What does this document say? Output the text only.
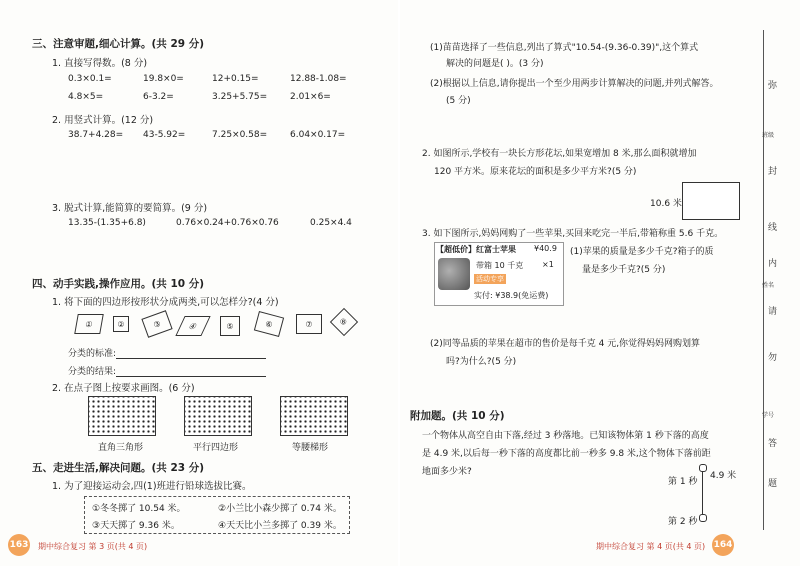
三、注意审题,细心计算。(共 29 分)
1. 直接写得数。(8 分)
0.3×0.1=	19.8×0=	12+0.15=	12.88-1.08=
4.8×5=	6-3.2=	3.25+5.75=	2.01×6=
2. 用竖式计算。(12 分)
38.7+4.28= 43-5.92=	7.25×0.58=	6.04×0.17=
3. 脱式计算,能简算的要简算。(9 分)
13.35-(1.35+6.8)	0.76×0.24+0.76×0.76	0.25×4.4
四、动手实践,操作应用。(共 10 分)
1. 将下面的四边形按形状分成两类,可以怎样分?(4 分)
①	②	③	④	⑤	⑥	⑦	⑧
分类的标准:
分类的结果:
2. 在点子图上按要求画图。(6 分)
直角三角形	平行四边形	等腰梯形
五、走进生活,解决问题。(共 23 分)
1. 为了迎接运动会,四(1)班进行铅球选拔比赛。
①冬冬掷了 10.54 米。	②小兰比小森少掷了 0.74 米。
③天天掷了 9.36 米。	④天天比小兰多掷了 0.39 米。
163 期中综合复习 第 3 页(共 4 页)
(1)苗苗选择了一些信息,列出了算式"10.54-(9.36-0.39)",这个算式
解决的问题是( )。(3 分)
(2)根据以上信息,请你提出一个至少用两步计算解决的问题,并列式解答。
(5 分)
2. 如图所示,学校有一块长方形花坛,如果宽增加 8 米,那么面积就增加
120 平方米。原来花坛的面积是多少平方米?(5 分)
10.6 米
3. 如下图所示,妈妈网购了一些苹果,买回来吃完一半后,带箱称重 5.6 千克。
【超低价】红富士苹果 ¥40.9
带箱 10 千克 ×1
活动专享
实付: ¥38.9(免运费)
(1)苹果的质量是多少千克?箱子的质
量是多少千克?(5 分)
(2)同等品质的苹果在超市的售价是每千克 4 元,你觉得妈妈网购划算
吗?为什么?(5 分)
附加题。(共 10 分)
一个物体从高空自由下落,经过 3 秒落地。已知该物体第 1 秒下落的高度
是 4.9 米,以后每一秒下落的高度都比前一秒多 9.8 米,这个物体下落前距
地面多少米?
第 1 秒
4.9 米
第 2 秒
弥
班级
封
线
内
姓名
请
勿
学号
答
题
期中综合复习 第 4 页(共 4 页) 164
